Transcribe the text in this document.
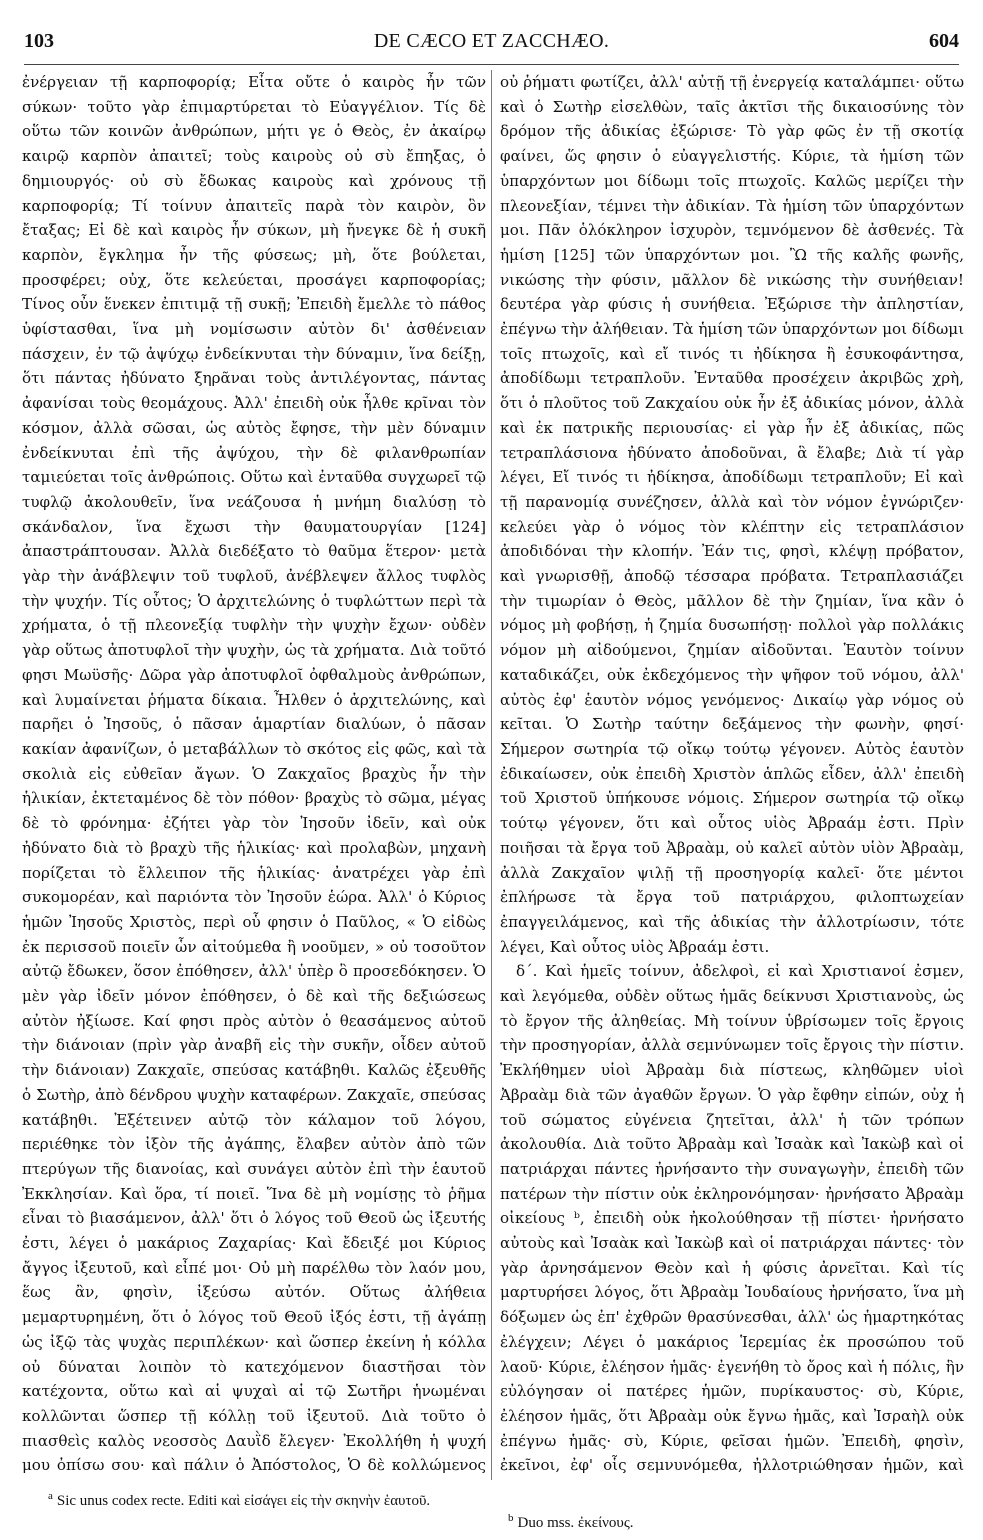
103	DE CÆCO ET ZACCHÆO.	604

ἐνέργειαν τῇ καρποφορίᾳ; Εἶτα οὔτε ὁ καιρὸς ἦν τῶν σύκων· τοῦτο γὰρ ἐπιμαρτύρεται τὸ Εὐαγγέλιον. Τίς δὲ οὕτω τῶν κοινῶν ἀνθρώπων, μήτι γε ὁ Θεὸς, ἐν ἀκαίρῳ καιρῷ καρπὸν ἀπαιτεῖ; τοὺς καιροὺς οὐ σὺ ἔπηξας, ὁ δημιουργός· οὐ σὺ ἔδωκας καιροὺς καὶ χρόνους τῇ καρποφορίᾳ; Τί τοίνυν ἀπαιτεῖς παρὰ τὸν καιρὸν, ὃν ἔταξας; Εἰ δὲ καὶ καιρὸς ἦν σύκων, μὴ ἤνεγκε δὲ ἡ συκῆ καρπὸν, ἔγκλημα ἦν τῆς φύσεως; μὴ, ὅτε βούλεται, προσφέρει; οὐχ, ὅτε κελεύεται, προσάγει καρποφορίας; Τίνος οὖν ἕνεκεν ἐπιτιμᾷ τῇ συκῇ; Ἐπειδὴ ἔμελλε τὸ πάθος ὑφίστασθαι, ἵνα μὴ νομίσωσιν αὐτὸν δι' ἀσθένειαν πάσχειν, ἐν τῷ ἀψύχῳ ἐνδείκνυται τὴν δύναμιν, ἵνα δείξῃ, ὅτι πάντας ἠδύνατο ξηρᾶναι τοὺς ἀντιλέγοντας, πάντας ἀφανίσαι τοὺς θεομάχους. Ἀλλ' ἐπειδὴ οὐκ ἦλθε κρῖναι τὸν κόσμον, ἀλλὰ σῶσαι, ὡς αὐτὸς ἔφησε, τὴν μὲν δύναμιν ἐνδείκνυται ἐπὶ τῆς ἀψύχου, τὴν δὲ φιλανθρωπίαν ταμιεύεται τοῖς ἀνθρώποις. Οὕτω καὶ ἐνταῦθα συγχωρεῖ τῷ τυφλῷ ἀκολουθεῖν, ἵνα νεάζουσα ἡ μνήμη διαλύσῃ τὸ σκάνδαλον, ἵνα ἔχωσι τὴν θαυματουργίαν [124] ἀπαστράπτουσαν. Ἀλλὰ διεδέξατο τὸ θαῦμα ἕτερον· μετὰ γὰρ τὴν ἀνάβλεψιν τοῦ τυφλοῦ, ἀνέβλεψεν ἄλλος τυφλὸς τὴν ψυχήν. Τίς οὗτος; Ὁ ἀρχιτελώνης ὁ τυφλώττων περὶ τὰ χρήματα, ὁ τῇ πλεονεξίᾳ τυφλὴν τὴν ψυχὴν ἔχων· οὐδὲν γὰρ οὕτως ἀποτυφλοῖ τὴν ψυχὴν, ὡς τὰ χρήματα. Διὰ τοῦτό φησι Μωϋσῆς· Δῶρα γὰρ ἀποτυφλοῖ ὀφθαλμοὺς ἀνθρώπων, καὶ λυμαίνεται ῥήματα δίκαια. Ἦλθεν ὁ ἀρχιτελώνης, καὶ παρῆει ὁ Ἰησοῦς, ὁ πᾶσαν ἁμαρτίαν διαλύων, ὁ πᾶσαν κακίαν ἀφανίζων, ὁ μεταβάλλων τὸ σκότος εἰς φῶς, καὶ τὰ σκολιὰ εἰς εὐθεῖαν ἄγων. Ὁ Ζακχαῖος βραχὺς ἦν τὴν ἡλικίαν, ἐκτεταμένος δὲ τὸν πόθον· βραχὺς τὸ σῶμα, μέγας δὲ τὸ φρόνημα· ἐζήτει γὰρ τὸν Ἰησοῦν ἰδεῖν, καὶ οὐκ ἠδύνατο διὰ τὸ βραχὺ τῆς ἡλικίας· καὶ προλαβὼν, μηχανὴ πορίζεται τὸ ἔλλειπον τῆς ἡλικίας· ἀνατρέχει γὰρ ἐπὶ συκομορέαν, καὶ παριόντα τὸν Ἰησοῦν ἑώρα. Ἀλλ' ὁ Κύριος ἡμῶν Ἰησοῦς Χριστὸς, περὶ οὗ φησιν ὁ Παῦλος, « Ὁ εἰδὼς ἐκ περισσοῦ ποιεῖν ὧν αἰτούμεθα ἢ νοοῦμεν, » οὐ τοσοῦτον αὐτῷ ἔδωκεν, ὅσον ἐπόθησεν, ἀλλ' ὑπὲρ ὃ προσεδόκησεν. Ὁ μὲν γὰρ ἰδεῖν μόνον ἐπόθησεν, ὁ δὲ καὶ τῆς δεξιώσεως αὐτὸν ἠξίωσε. Καί φησι πρὸς αὐτὸν ὁ θεασάμενος αὐτοῦ τὴν διάνοιαν (πρὶν γὰρ ἀναβῆ εἰς τὴν συκῆν, οἶδεν αὐτοῦ τὴν διάνοιαν) Ζακχαῖε, σπεύσας κατάβηθι. Καλῶς ἐξευθῆς ὁ Σωτὴρ, ἀπὸ δένδρου ψυχὴν καταφέρων. Ζακχαῖε, σπεύσας κατάβηθι. Ἐξέτεινεν αὐτῷ τὸν κάλαμον τοῦ λόγου, περιέθηκε τὸν ἰξὸν τῆς ἀγάπης, ἔλαβεν αὐτὸν ἀπὸ τῶν πτερύγων τῆς διανοίας, καὶ συνάγει αὐτὸν ἐπὶ τὴν ἑαυτοῦ Ἐκκλησίαν. Καὶ ὅρα, τί ποιεῖ. Ἵνα δὲ μὴ νομίσῃς τὸ ῥῆμα εἶναι τὸ βιασάμενον, ἀλλ' ὅτι ὁ λόγος τοῦ Θεοῦ ὡς ἰξευτής ἐστι, λέγει ὁ μακάριος Ζαχαρίας· Καὶ ἔδειξέ μοι Κύριος ἄγγος ἰξευτοῦ, καὶ εἶπέ μοι· Οὐ μὴ παρέλθω τὸν λαόν μου, ἕως ἂν, φησὶν, ἰξεύσω αὐτόν. Οὕτως ἀλήθεια μεμαρτυρημένη, ὅτι ὁ λόγος τοῦ Θεοῦ ἰξός ἐστι, τῇ ἀγάπῃ ὡς ἰξῷ τὰς ψυχὰς περιπλέκων· καὶ ὥσπερ ἐκείνη ἡ κόλλα οὐ δύναται λοιπὸν τὸ κατεχόμενον διαστῆσαι τὸν κατέχοντα, οὕτω καὶ αἱ ψυχαὶ αἱ τῷ Σωτῆρι ἡνωμέναι κολλῶνται ὥσπερ τῇ κόλλῃ τοῦ ἰξευτοῦ. Διὰ τοῦτο ὁ πιασθεὶς καλὸς νεοσσὸς Δαυῒδ ἔλεγεν· Ἐκολλήθη ἡ ψυχή μου ὀπίσω σου· καὶ πάλιν ὁ Ἀπόστολος, Ὁ δὲ κολλώμενος

οὐ ῥήματι φωτίζει, ἀλλ' αὐτῇ τῇ ἐνεργείᾳ καταλάμπει· οὕτω καὶ ὁ Σωτὴρ εἰσελθὼν, ταῖς ἀκτῖσι τῆς δικαιοσύνης τὸν δρόμον τῆς ἀδικίας ἐξώρισε· Τὸ γὰρ φῶς ἐν τῇ σκοτίᾳ φαίνει, ὥς φησιν ὁ εὐαγγελιστής. Κύριε, τὰ ἡμίση τῶν ὑπαρχόντων μοι δίδωμι τοῖς πτωχοῖς. Καλῶς μερίζει τὴν πλεονεξίαν, τέμνει τὴν ἀδικίαν. Τὰ ἡμίση τῶν ὑπαρχόντων μοι. Πᾶν ὁλόκληρον ἰσχυρὸν, τεμνόμενον δὲ ἀσθενές. Τὰ ἡμίση [125] τῶν ὑπαρχόντων μοι. Ὢ τῆς καλῆς φωνῆς, νικώσης τὴν φύσιν, μᾶλλον δὲ νικώσης τὴν συνήθειαν! δευτέρα γὰρ φύσις ἡ συνήθεια. Ἐξώρισε τὴν ἀπληστίαν, ἐπέγνω τὴν ἀλήθειαν. Τὰ ἡμίση τῶν ὑπαρχόντων μοι δίδωμι τοῖς πτωχοῖς, καὶ εἴ τινός τι ἠδίκησα ἢ ἐσυκοφάντησα, ἀποδίδωμι τετραπλοῦν. Ἐνταῦθα προσέχειν ἀκριβῶς χρὴ, ὅτι ὁ πλοῦτος τοῦ Ζακχαίου οὐκ ἦν ἐξ ἀδικίας μόνον, ἀλλὰ καὶ ἐκ πατρικῆς περιουσίας· εἰ γὰρ ἦν ἐξ ἀδικίας, πῶς τετραπλάσιονα ἠδύνατο ἀποδοῦναι, ἃ ἔλαβε; Διὰ τί γὰρ λέγει, Εἴ τινός τι ἠδίκησα, ἀποδίδωμι τετραπλοῦν; Εἰ καὶ τῇ παρανομίᾳ συνέζησεν, ἀλλὰ καὶ τὸν νόμον ἐγνώριζεν· κελεύει γὰρ ὁ νόμος τὸν κλέπτην εἰς τετραπλάσιον ἀποδιδόναι τὴν κλοπήν. Ἐάν τις, φησὶ, κλέψῃ πρόβατον, καὶ γνωρισθῇ, ἀποδῷ τέσσαρα πρόβατα. Τετραπλασιάζει τὴν τιμωρίαν ὁ Θεὸς, μᾶλλον δὲ τὴν ζημίαν, ἵνα κἂν ὁ νόμος μὴ φοβήσῃ, ἡ ζημία δυσωπήσῃ· πολλοὶ γὰρ πολλάκις νόμον μὴ αἰδούμενοι, ζημίαν αἰδοῦνται. Ἑαυτὸν τοίνυν καταδικάζει, οὐκ ἐκδεχόμενος τὴν ψῆφον τοῦ νόμου, ἀλλ' αὐτὸς ἐφ' ἑαυτὸν νόμος γενόμενος· Δικαίῳ γὰρ νόμος οὐ κεῖται. Ὁ Σωτὴρ ταύτην δεξάμενος τὴν φωνὴν, φησί· Σήμερον σωτηρία τῷ οἴκῳ τούτῳ γέγονεν. Αὐτὸς ἑαυτὸν ἐδικαίωσεν, οὐκ ἐπειδὴ Χριστὸν ἁπλῶς εἶδεν, ἀλλ' ἐπειδὴ τοῦ Χριστοῦ ὑπήκουσε νόμοις. Σήμερον σωτηρία τῷ οἴκῳ τούτῳ γέγονεν, ὅτι καὶ οὗτος υἱὸς Ἀβραάμ ἐστι. Πρὶν ποιῆσαι τὰ ἔργα τοῦ Ἀβραὰμ, οὐ καλεῖ αὐτὸν υἱὸν Ἀβραὰμ, ἀλλὰ Ζακχαῖον ψιλῇ τῇ προσηγορίᾳ καλεῖ· ὅτε μέντοι ἐπλήρωσε τὰ ἔργα τοῦ πατριάρχου, φιλοπτωχείαν ἐπαγγειλάμενος, καὶ τῆς ἀδικίας τὴν ἀλλοτρίωσιν, τότε λέγει, Καὶ οὗτος υἱὸς Ἀβραάμ ἐστι.

δ΄. Καὶ ἡμεῖς τοίνυν, ἀδελφοὶ, εἰ καὶ Χριστιανοί ἐσμεν, καὶ λεγόμεθα, οὐδὲν οὕτως ἡμᾶς δείκνυσι Χριστιανοὺς, ὡς τὸ ἔργον τῆς ἀληθείας. Μὴ τοίνυν ὑβρίσωμεν τοῖς ἔργοις τὴν προσηγορίαν, ἀλλὰ σεμνύνωμεν τοῖς ἔργοις τὴν πίστιν. Ἐκλήθημεν υἱοὶ Ἀβραὰμ διὰ πίστεως, κληθῶμεν υἱοὶ Ἀβραὰμ διὰ τῶν ἀγαθῶν ἔργων. Ὁ γὰρ ἔφθην εἰπών, οὐχ ἡ τοῦ σώματος εὐγένεια ζητεῖται, ἀλλ' ἡ τῶν τρόπων ἀκολουθία. Διὰ τοῦτο Ἀβραὰμ καὶ Ἰσαὰκ καὶ Ἰακὼβ καὶ οἱ πατριάρχαι πάντες ἠρνήσαντο τὴν συναγωγὴν, ἐπειδὴ τῶν πατέρων τὴν πίστιν οὐκ ἐκληρονόμησαν· ἠρνήσατο Ἀβραὰμ οἰκείους ᵇ, ἐπειδὴ οὐκ ἠκολούθησαν τῇ πίστει· ἠρνήσατο αὐτοὺς καὶ Ἰσαὰκ καὶ Ἰακὼβ καὶ οἱ πατριάρχαι πάντες· τὸν γὰρ ἀρνησάμενον Θεὸν καὶ ἡ φύσις ἀρνεῖται. Καὶ τίς μαρτυρήσει λόγος, ὅτι Ἀβραὰμ Ἰουδαίους ἠρνήσατο, ἵνα μὴ δόξωμεν ὡς ἐπ' ἐχθρῶν θρασύνεσθαι, ἀλλ' ὡς ἡμαρτηκότας ἐλέγχειν; Λέγει ὁ μακάριος Ἱερεμίας ἐκ προσώπου τοῦ λαοῦ· Κύριε, ἐλέησον ἡμᾶς· ἐγενήθη τὸ ὄρος καὶ ἡ πόλις, ἣν εὐλόγησαν οἱ πατέρες ἡμῶν, πυρίκαυστος· σὺ, Κύριε, ἐλέησον ἡμᾶς, ὅτι Ἀβραὰμ οὐκ ἔγνω ἡμᾶς, καὶ Ἰσραὴλ οὐκ ἐπέγνω ἡμᾶς· σὺ, Κύριε, φεῖσαι ἡμῶν. Ἐπειδὴ, φησὶν, ἐκεῖνοι, ἐφ' οἷς σεμνυνόμεθα, ἠλλοτριώθησαν ἡμῶν, καὶ

$^a$ Sic unus codex recte. Editi καὶ εἰσάγει εἰς τὴν σκηνὴν ἑαυτοῦ.
$^b$ Duo mss. ἐκείνους.
